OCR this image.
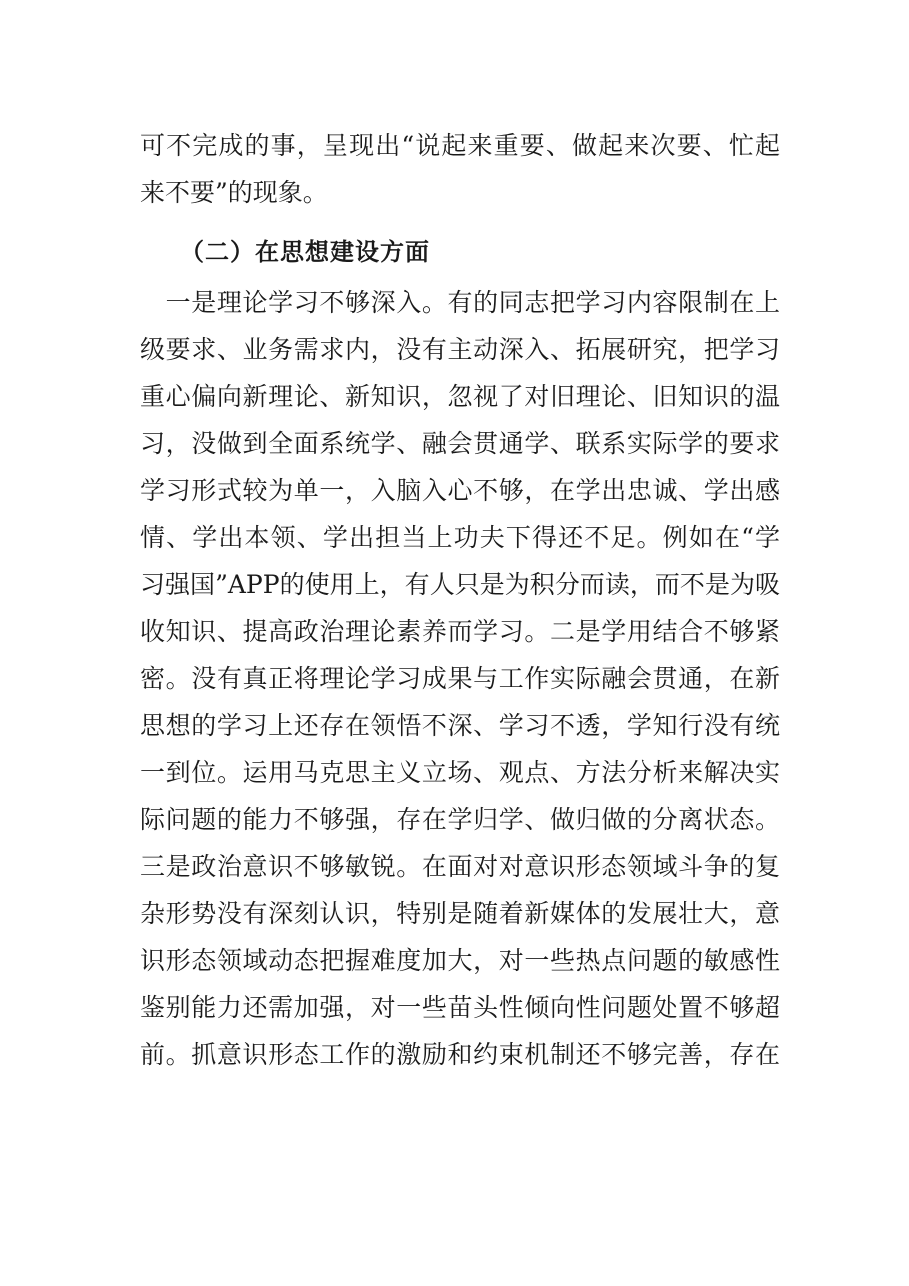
可不完成的事，呈现出“说起来重要、做起来次要、忙起
来不要”的现象。
（二）在思想建设方面
　一是理论学习不够深入。有的同志把学习内容限制在上
级要求、业务需求内，没有主动深入、拓展研究，把学习
重心偏向新理论、新知识，忽视了对旧理论、旧知识的温
习，没做到全面系统学、融会贯通学、联系实际学的要求
学习形式较为单一，入脑入心不够，在学出忠诚、学出感
情、学出本领、学出担当上功夫下得还不足。例如在“学
习强国”APP的使用上，有人只是为积分而读，而不是为吸
收知识、提高政治理论素养而学习。二是学用结合不够紧
密。没有真正将理论学习成果与工作实际融会贯通，在新
思想的学习上还存在领悟不深、学习不透，学知行没有统
一到位。运用马克思主义立场、观点、方法分析来解决实
际问题的能力不够强，存在学归学、做归做的分离状态。
三是政治意识不够敏锐。在面对对意识形态领域斗争的复
杂形势没有深刻认识，特别是随着新媒体的发展壮大，意
识形态领域动态把握难度加大，对一些热点问题的敏感性
鉴别能力还需加强，对一些苗头性倾向性问题处置不够超
前。抓意识形态工作的激励和约束机制还不够完善，存在
